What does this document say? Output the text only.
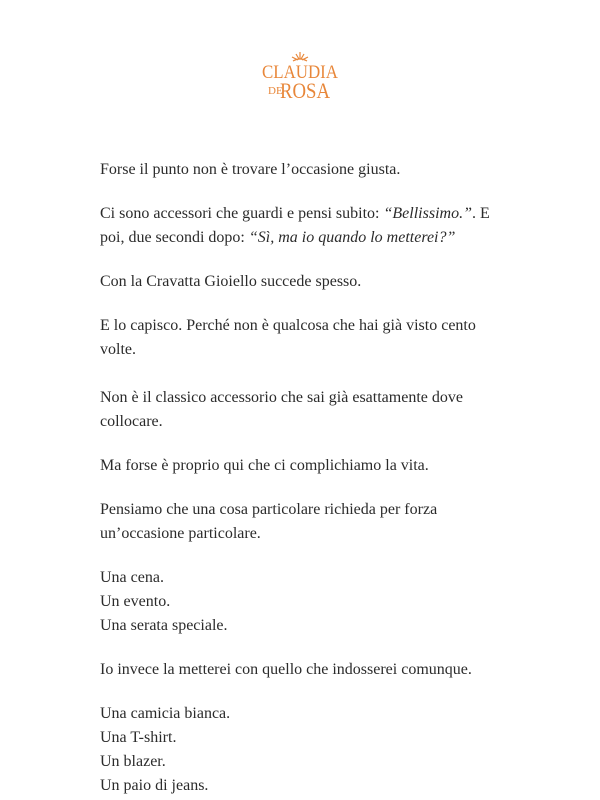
CLAUDIA
DE
ROSA

Forse il punto non è trovare l’occasione giusta.

Ci sono accessori che guardi e pensi subito: “Bellissimo.”. E poi, due secondi dopo: “Sì, ma io quando lo metterei?”

Con la Cravatta Gioiello succede spesso.

E lo capisco. Perché non è qualcosa che hai già visto cento volte.

Non è il classico accessorio che sai già esattamente dove collocare.

Ma forse è proprio qui che ci complichiamo la vita.

Pensiamo che una cosa particolare richieda per forza un’occasione particolare.

Una cena.
Un evento.
Una serata speciale.

Io invece la metterei con quello che indosserei comunque.

Una camicia bianca.
Una T-shirt.
Un blazer.
Un paio di jeans.
